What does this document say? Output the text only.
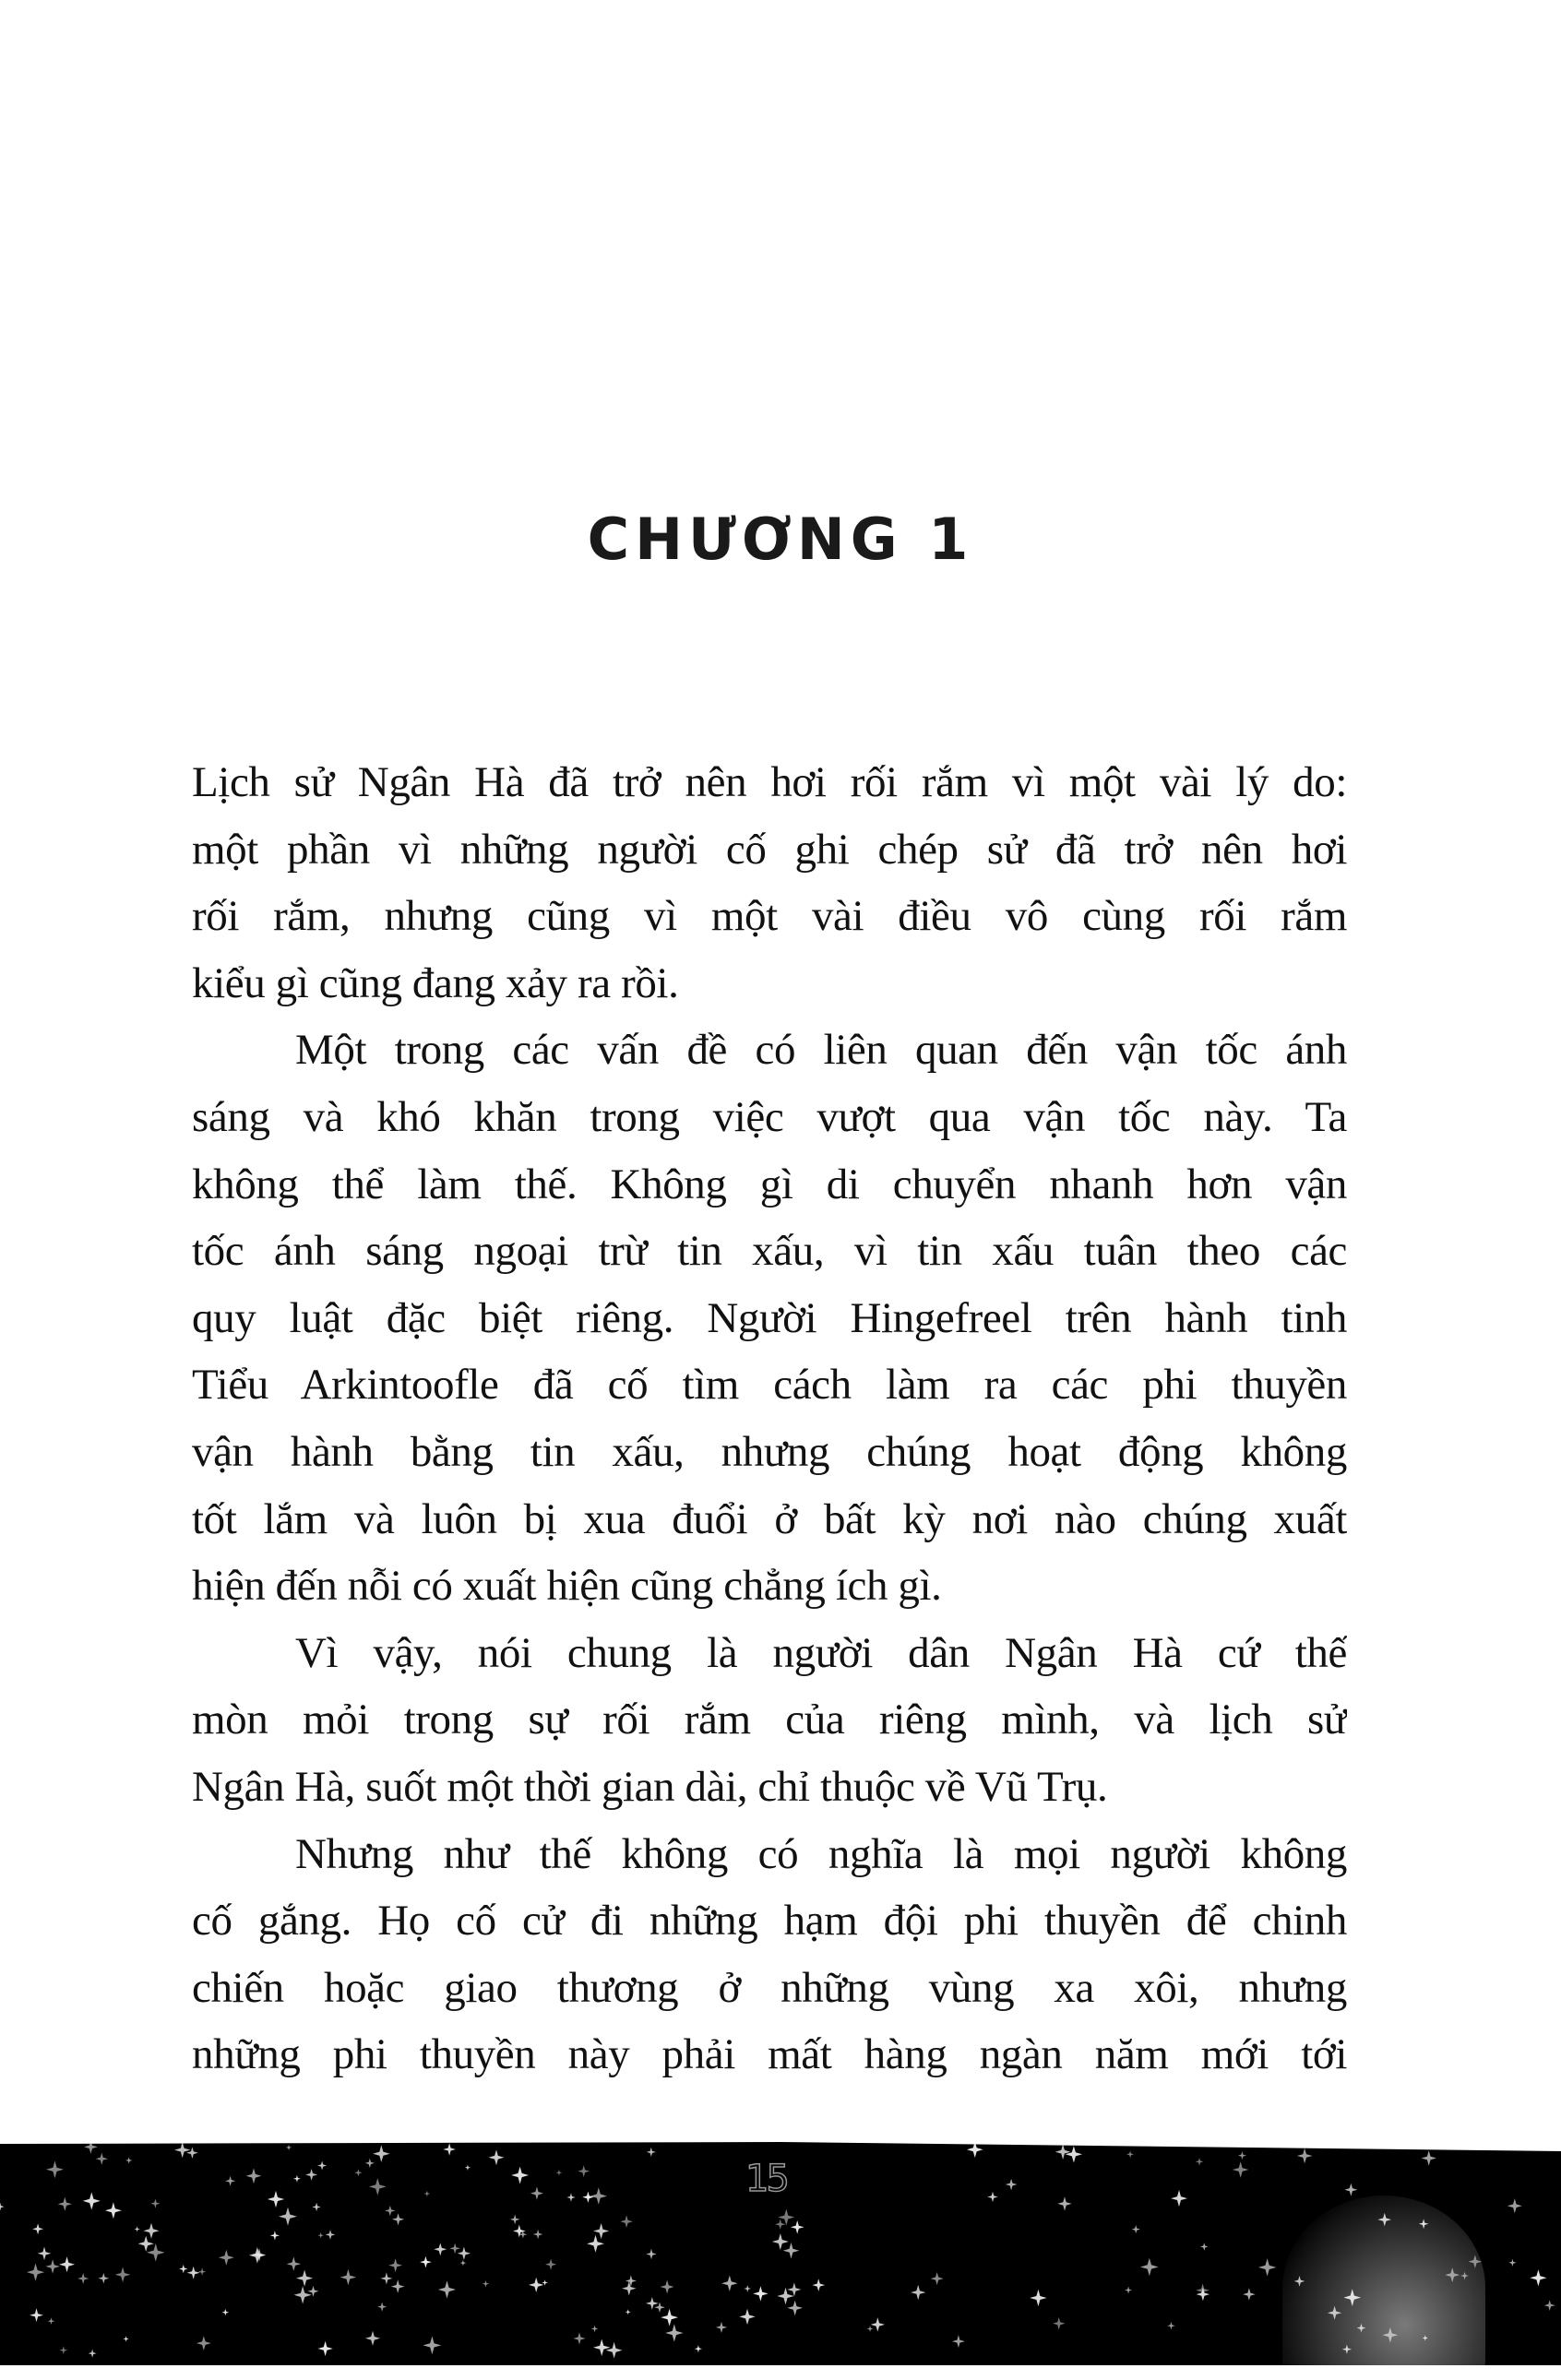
CHƯƠNG 1
Lịch sử Ngân Hà đã trở nên hơi rối rắm vì một vài lý do:
một phần vì những người cố ghi chép sử đã trở nên hơi
rối rắm, nhưng cũng vì một vài điều vô cùng rối rắm
kiểu gì cũng đang xảy ra rồi.
Một trong các vấn đề có liên quan đến vận tốc ánh
sáng và khó khăn trong việc vượt qua vận tốc này. Ta
không thể làm thế. Không gì di chuyển nhanh hơn vận
tốc ánh sáng ngoại trừ tin xấu, vì tin xấu tuân theo các
quy luật đặc biệt riêng. Người Hingefreel trên hành tinh
Tiểu Arkintoofle đã cố tìm cách làm ra các phi thuyền
vận hành bằng tin xấu, nhưng chúng hoạt động không
tốt lắm và luôn bị xua đuổi ở bất kỳ nơi nào chúng xuất
hiện đến nỗi có xuất hiện cũng chẳng ích gì.
Vì vậy, nói chung là người dân Ngân Hà cứ thế
mòn mỏi trong sự rối rắm của riêng mình, và lịch sử
Ngân Hà, suốt một thời gian dài, chỉ thuộc về Vũ Trụ.
Nhưng như thế không có nghĩa là mọi người không
cố gắng. Họ cố cử đi những hạm đội phi thuyền để chinh
chiến hoặc giao thương ở những vùng xa xôi, nhưng
những phi thuyền này phải mất hàng ngàn năm mới tới
15
